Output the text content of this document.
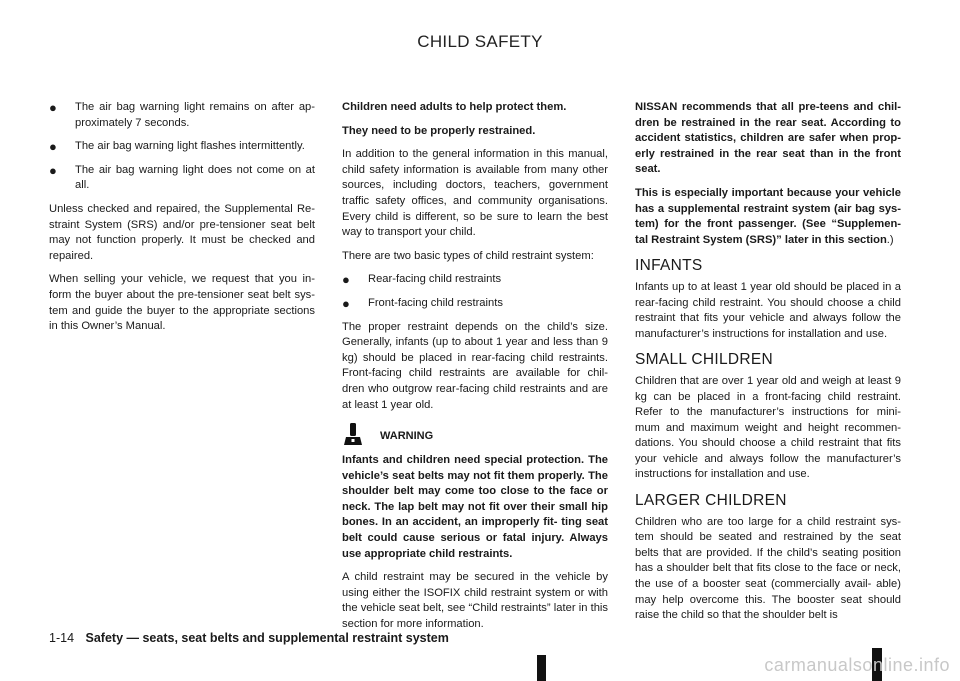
CHILD SAFETY
●	The air bag warning light remains on after ap- proximately 7 seconds.
●	The air bag warning light flashes intermittently.
●	The air bag warning light does not come on at all.

Unless checked and repaired, the Supplemental Re- straint System (SRS) and/or pre-tensioner seat belt may not function properly. It must be checked and repaired.

When selling your vehicle, we request that you in- form the buyer about the pre-tensioner seat belt sys- tem and guide the buyer to the appropriate sections in this Owner’s Manual.

Children need adults to help protect them.

They need to be properly restrained.

In addition to the general information in this manual, child safety information is available from many other sources, including doctors, teachers, government traffic safety offices, and community organisations. Every child is different, so be sure to learn the best way to transport your child.

There are two basic types of child restraint system:

●	Rear-facing child restraints
●	Front-facing child restraints

The proper restraint depends on the child’s size. Generally, infants (up to about 1 year and less than 9 kg) should be placed in rear-facing child restraints. Front-facing child restraints are available for chil- dren who outgrow rear-facing child restraints and are at least 1 year old.

WARNING

Infants and children need special protection. The vehicle’s seat belts may not fit them properly. The shoulder belt may come too close to the face or neck. The lap belt may not fit over their small hip bones. In an accident, an improperly fit- ting seat belt could cause serious or fatal injury. Always use appropriate child restraints.

A child restraint may be secured in the vehicle by using either the ISOFIX child restraint system or with the vehicle seat belt, see “Child restraints” later in this section for more information.

NISSAN recommends that all pre-teens and chil- dren be restrained in the rear seat. According to accident statistics, children are safer when prop- erly restrained in the rear seat than in the front seat.

This is especially important because your vehicle has a supplemental restraint system (air bag sys- tem) for the front passenger. (See “Supplemen- tal Restraint System (SRS)” later in this section.)

INFANTS

Infants up to at least 1 year old should be placed in a rear-facing child restraint. You should choose a child restraint that fits your vehicle and always follow the manufacturer’s instructions for installation and use.

SMALL CHILDREN

Children that are over 1 year old and weigh at least 9 kg can be placed in a front-facing child restraint. Refer to the manufacturer’s instructions for mini- mum and maximum weight and height recommen- dations. You should choose a child restraint that fits your vehicle and always follow the manufacturer’s instructions for installation and use.

LARGER CHILDREN

Children who are too large for a child restraint sys- tem should be seated and restrained by the seat belts that are provided. If the child’s seating position has a shoulder belt that fits close to the face or neck, the use of a booster seat (commercially avail- able) may help overcome this. The booster seat should raise the child so that the shoulder belt is

1-14 Safety — seats, seat belts and supplemental restraint system
carmanualsonline.info
